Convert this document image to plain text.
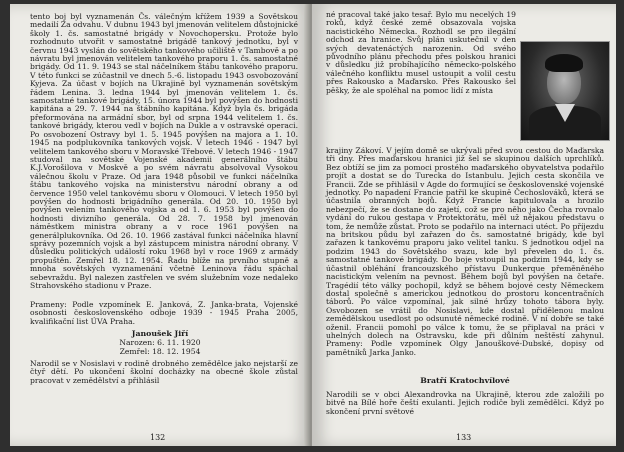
tento boj byl vyznamenán Čs. válečným křížem 1939 a Sovětskou medailí Za odvahu. V dubnu 1943 byl jmenován velitelem důstojnické školy 1. čs. samostatné brigády v Novochopersku. Protože bylo rozhodnuto utvořit v samostatné brigádě tankový jednotku, byl v červnu 1943 vyslán do sovětského tankového učiliště v Tambově a po návratu byl jmenován velitelem tankového praporu 1. čs. samostatné brigády. Od 11. 9. 1943 se stal náčelníkem štábu tankového praporu. V této funkci se zúčastnil ve dnech 5.-6. listopadu 1943 osvobozování Kyjeva. Za účast v bojích na Ukrajině byl vyznamenán sovětským řádem Lenina. 3. ledna 1944 byl jmenován velitelem 1. čs. samostatné tankové brigády, 15. února 1944 byl povýšen do hodnosti kapitána a 29. 7. 1944 na štábního kapitána. Když byla čs. brigáda přeformována na armádní sbor, byl od srpna 1944 velitelem 1. čs. tankové brigády, kterou vedl v bojích na Dukle a v ostravské operaci. Po osvobození Ostravy byl 1. 5. 1945 povýšen na majora a 1. 10. 1945 na podplukovníka tankových vojsk. V letech 1946 - 1947 byl velitelem tankového sboru v Moravské Třebové. V letech 1946 - 1947 studoval na sovětské Vojenské akademii generálního štábu K.J.Vorošilova v Moskvě a po svém návratu absolvoval Vysokou válečnou školu v Praze. Od jara 1948 působil ve funkci náčelníka štábu tankového vojska na ministerstvu národní obrany a od července 1950 velel tankovému sboru v Olomouci. V letech 1950 byl povýšen do hodnosti brigádního generála. Od 20. 10. 1950 byl povýšen velením tankového vojska a od 1. 6. 1953 byl povýšen do hodnosti divizního generála. Od 28. 7. 1958 byl jmenován náměstkem ministra obrany a v roce 1961 povýšen na generálplukovníka. Od 26. 10. 1966 zastával funkci náčelníka hlavní správy pozemních vojsk a byl zástupcem ministra národní obrany. V důsledku politických událostí roku 1968 byl v roce 1969 z armády propuštěn. Zemřel 18. 12. 1954. Řadu blíže na prvního stupně a mnoha sovětských vyznamenání včetně Leninova řádu spáchal sebevraždu. Byl nalezen zastřelen ve svém služebním voze nedaleko Strahovského stadionu v Praze.
Prameny: Podle vzpomínek E. Janková, Z. Janka-brata, Vojenské osobnosti československého odboje 1939 - 1945 Praha 2005, kvalifikační list ÚVA Praha.
Janoušek Jiří
Narozen: 6. 11. 1920
Zemřel: 18. 12. 1954
Narodil se v Nosislavi v rodině drobného zemědělce jako nejstarší ze čtyř dětí. Po ukončení školní docházky na obecné škole zůstal pracovat v zemědělství a přihlásil
132
né pracoval také jako tesař. Bylo mu necelých 19 roků, když české země obsazovala vojska nacistického Německa. Rozhodl se pro ilegální odchod za hranice. Svůj plán uskutečnil v den svých devatenáctých narozenin. Od svého původního plánu přechodu přes polskou hranici v důsledku již probíhajícího německo-polského válečného konfliktu musel ustoupit a volil cestu přes Rakousko a Maďarsko. Přes Rakousko šel pěšky, že ale spoléhal na pomoc lidí z místa
krajiny Zákoví. V jejím domě se ukrývali před svou cestou do Maďarska tři dny. Přes maďarskou hranici již šel se skupinou dalších uprchlíků. Bez obtíží se jim za pomoci prostého maďarského obyvatelstva podařilo projít a dostat se do Turecka do Istanbulu. Jejich cesta skončila ve Francii. Zde se přihlásil v Agde do formující se československé vojenské jednotky. Po napadení Francie patřil ke skupině Čechoslováků, která se účastnila obranných bojů. Když Francie kapitulovala a hrozilo nebezpečí, že se dostane do zajetí, což se pro něho jako Čecha rovnalo vydání do rukou gestapa v Protektorátu, měl už nějakou představu o tom, že nemůže zůstat. Proto se podařilo na internaci utéct. Po příjezdu na britskou půdu byl zařazen do čs. samostatné brigády, kde byl zařazen k tankovému praporu jako velitel tanku. S jednotkou odjel na podzim 1943 do Sovětského svazu, kde byl převelen do 1. čs. samostatné tankové brigády. Do boje vstoupil na podzim 1944, kdy se účastnil obléhání francouzského přístavu Dunkerque přeměněného nacistickým velením na pevnost. Během bojů byl povýšen na četaře. Tragédií této války pochopil, když se během bojové cesty Německem dostal společně s americkou jednotkou do prostoru koncentračních táborů. Po válce vzpomínal, jak silné hrůzy tohoto tábora byly. Osvobozen se vrátil do Nosislavi, kde dostal přidělenou malou zemědělskou usedlost po odsunuté německé rodině. V ní dobře se také oženil. Francii pomohl po válce k tomu, že se připlaval na práci v uhelných dolech na Ostravsku, kde při důlním neštěstí zahynul. Prameny: Podle vzpomínek Olgy Janouškové-Dubské, dopisy od pamětníků Jarka Janko.
Bratří Kratochvílové
Narodili se v obci Alexandrovka na Ukrajině, kterou zde založili po bitvě na Bílé hoře čeští exulanti. Jejich rodiče byli zemědělci. Když po skončení první světové
133
